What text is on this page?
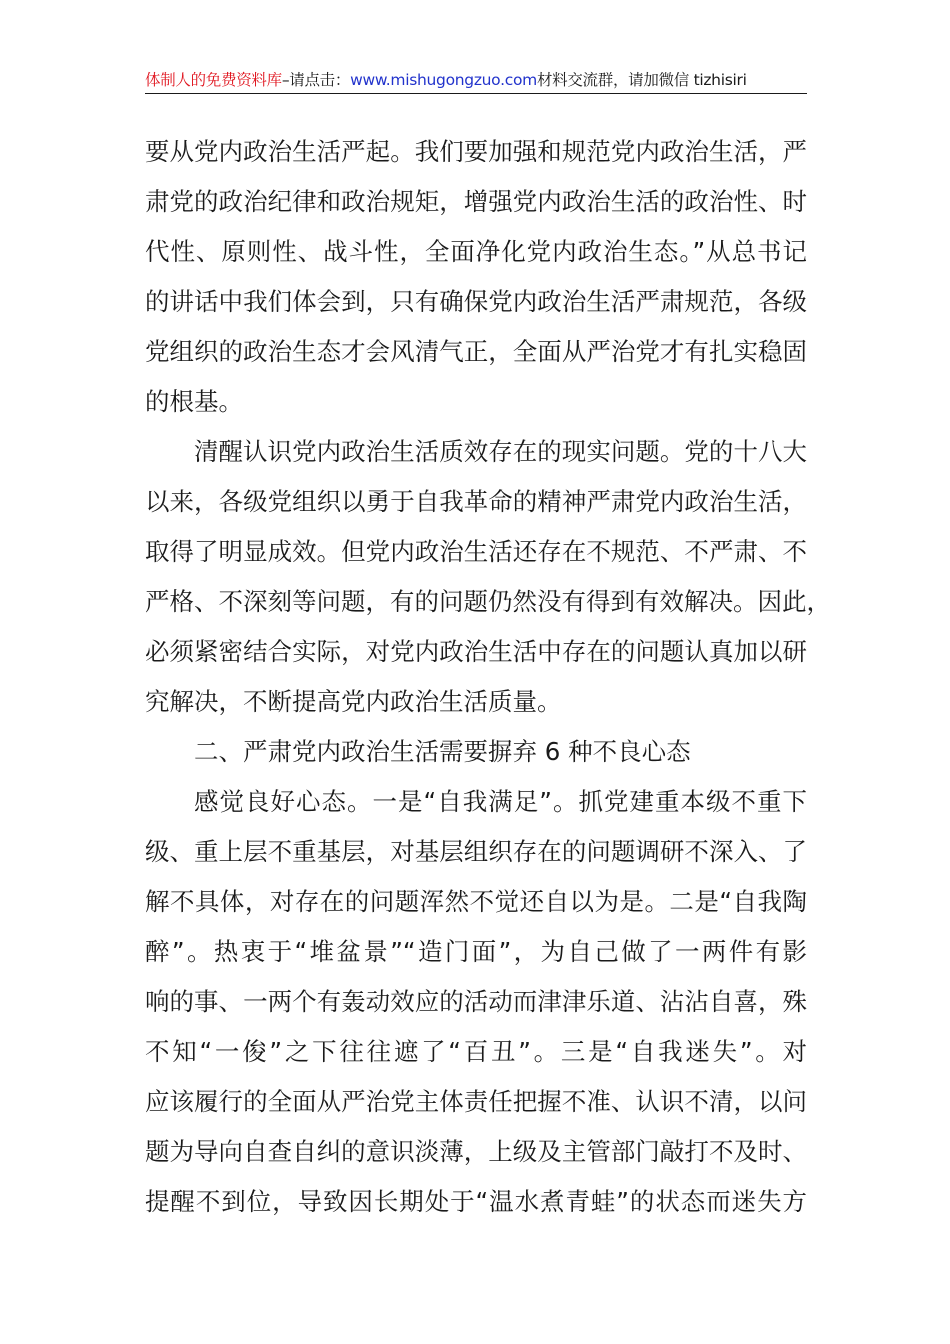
体制人的免费资料库–请点击：www.mishugongzuo.com材料交流群，请加微信 tizhisiri
要从党内政治生活严起。我们要加强和规范党内政治生活，严
肃党的政治纪律和政治规矩，增强党内政治生活的政治性、时
代性、原则性、战斗性，全面净化党内政治生态。”从总书记
的讲话中我们体会到，只有确保党内政治生活严肃规范，各级
党组织的政治生态才会风清气正，全面从严治党才有扎实稳固
的根基。
清醒认识党内政治生活质效存在的现实问题。党的十八大
以来，各级党组织以勇于自我革命的精神严肃党内政治生活，
取得了明显成效。但党内政治生活还存在不规范、不严肃、不
严格、不深刻等问题，有的问题仍然没有得到有效解决。因此，
必须紧密结合实际，对党内政治生活中存在的问题认真加以研
究解决，不断提高党内政治生活质量。
二、严肃党内政治生活需要摒弃 6 种不良心态
感觉良好心态。一是“自我满足”。抓党建重本级不重下
级、重上层不重基层，对基层组织存在的问题调研不深入、了
解不具体，对存在的问题浑然不觉还自以为是。二是“自我陶
醉”。热衷于“堆盆景”“造门面”，为自己做了一两件有影
响的事、一两个有轰动效应的活动而津津乐道、沾沾自喜，殊
不知“一俊”之下往往遮了“百丑”。三是“自我迷失”。对
应该履行的全面从严治党主体责任把握不准、认识不清，以问
题为导向自查自纠的意识淡薄，上级及主管部门敲打不及时、
提醒不到位，导致因长期处于“温水煮青蛙”的状态而迷失方
